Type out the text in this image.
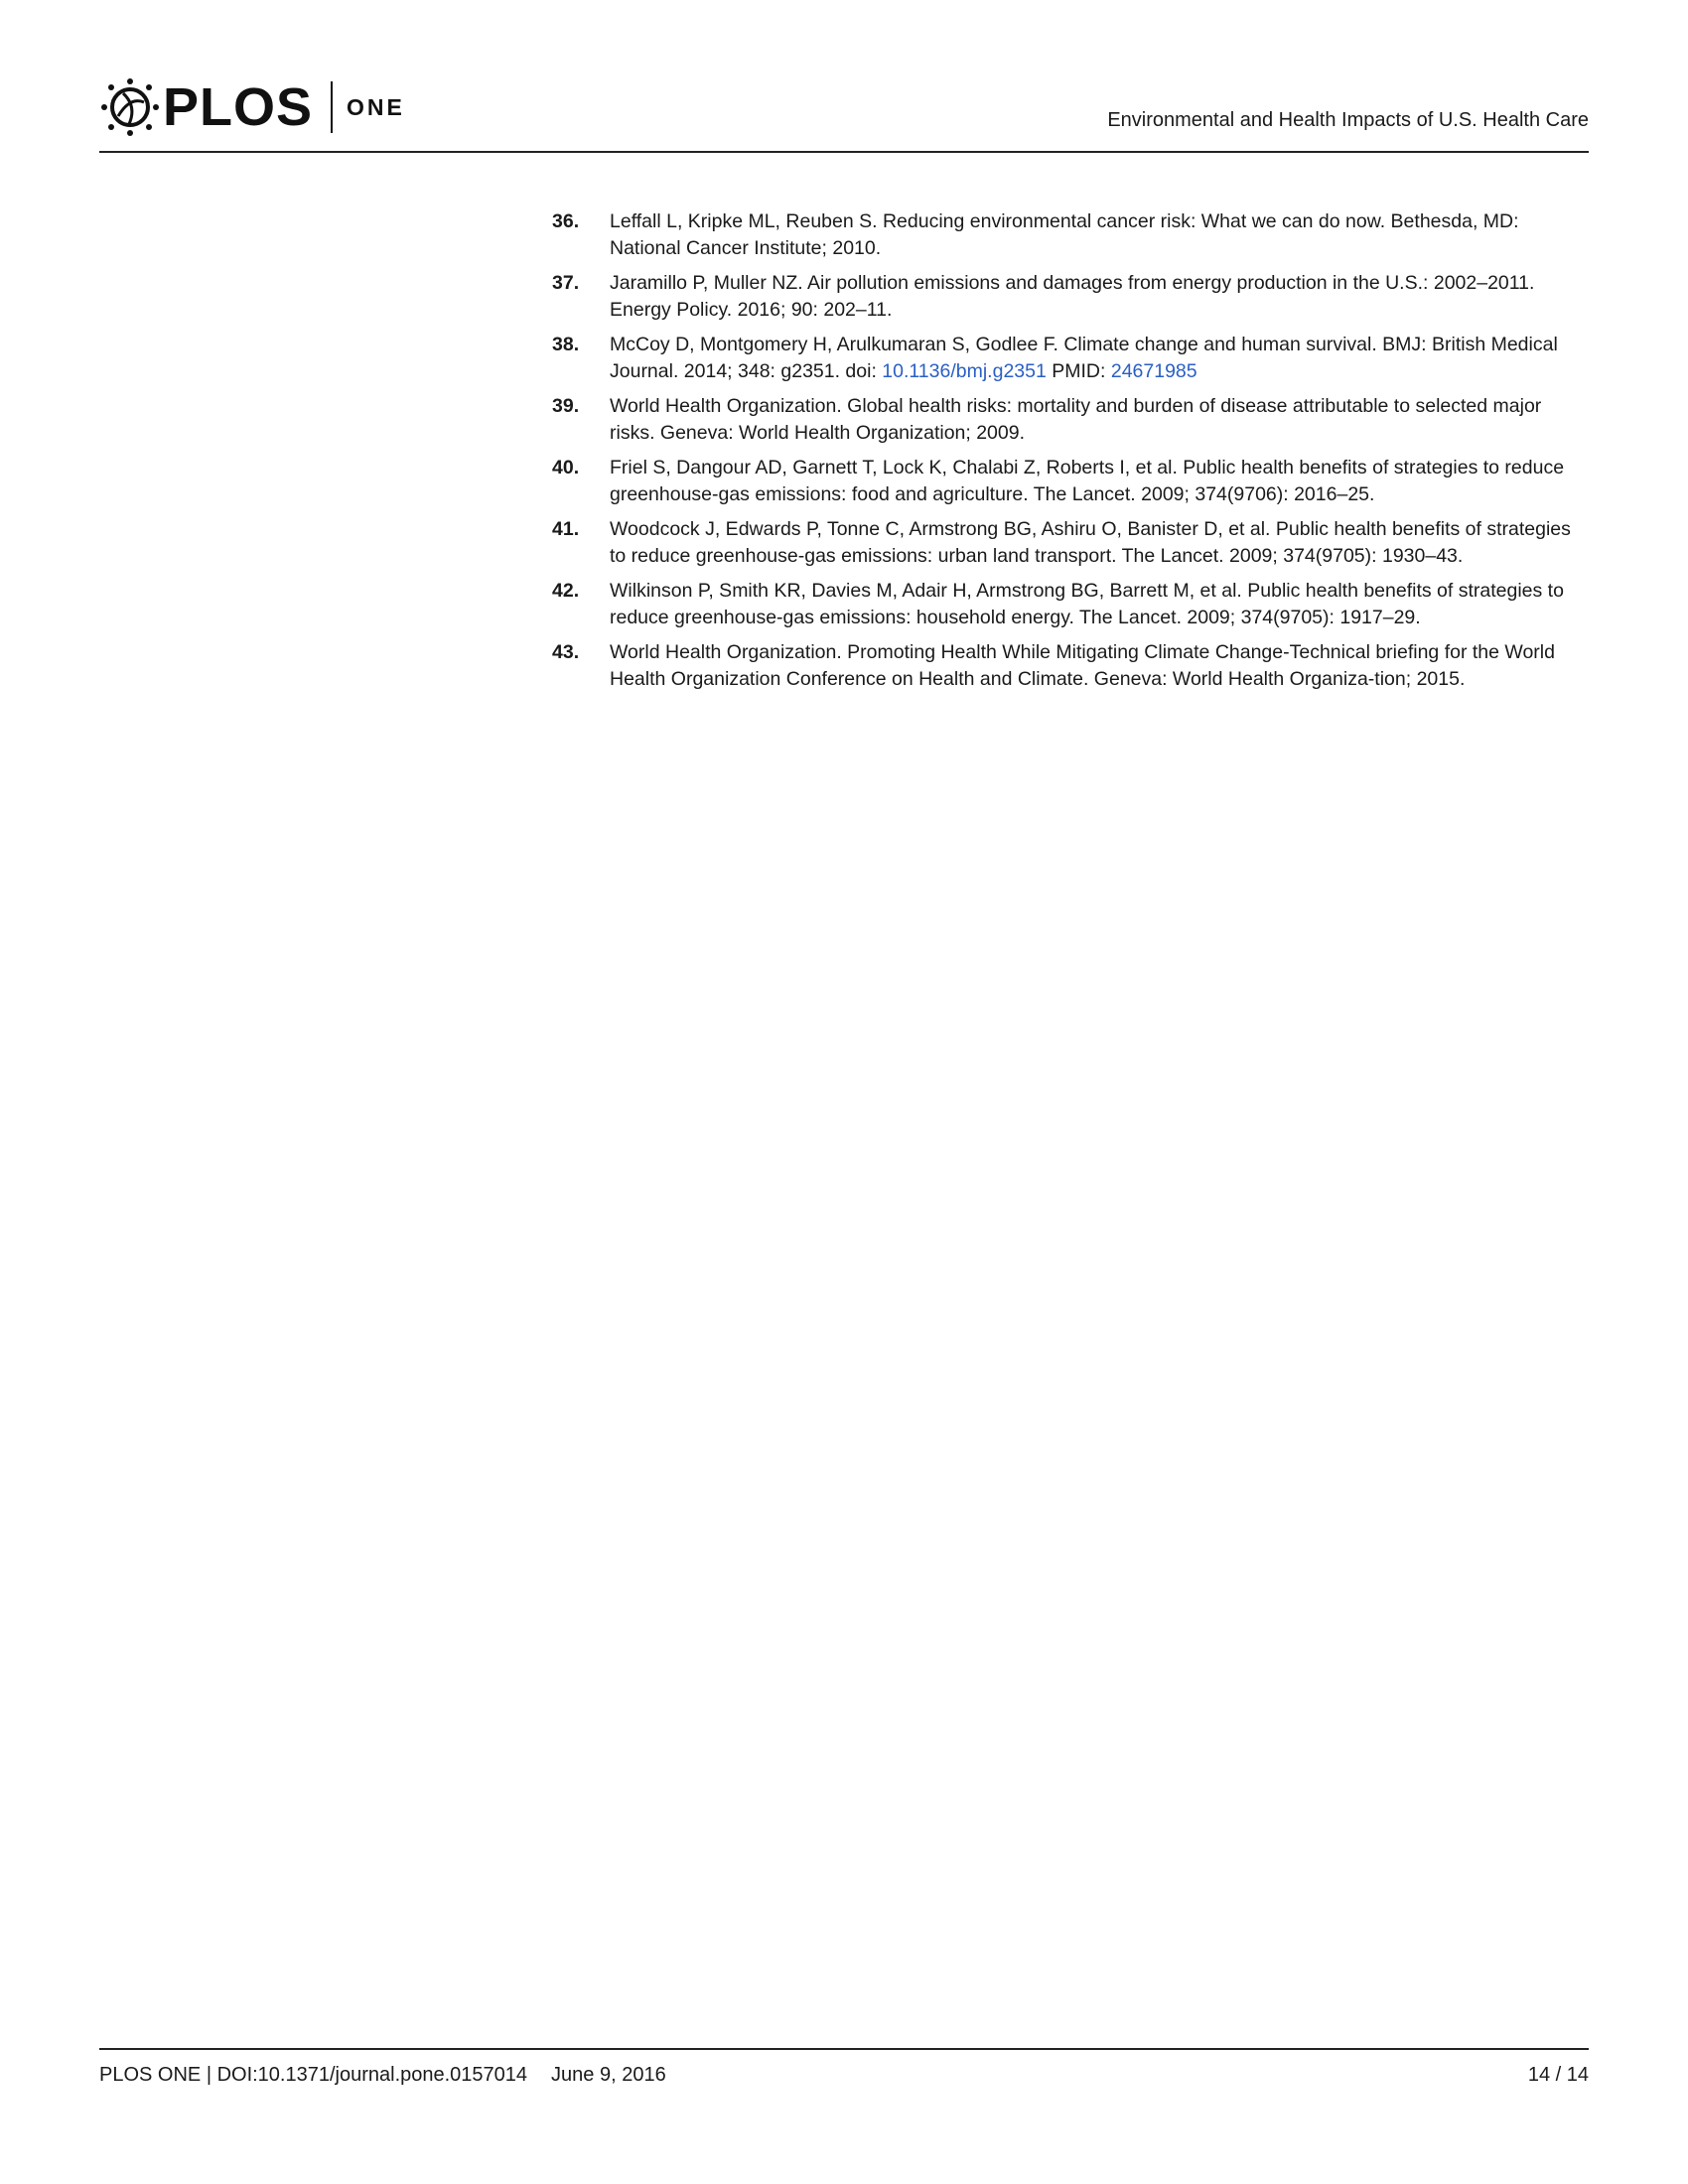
PLOS ONE
Environmental and Health Impacts of U.S. Health Care
36.	Leffall L, Kripke ML, Reuben S. Reducing environmental cancer risk: What we can do now. Bethesda, MD: National Cancer Institute; 2010.
37.	Jaramillo P, Muller NZ. Air pollution emissions and damages from energy production in the U.S.: 2002–2011. Energy Policy. 2016; 90: 202–11.
38.	McCoy D, Montgomery H, Arulkumaran S, Godlee F. Climate change and human survival. BMJ: British Medical Journal. 2014; 348: g2351. doi: 10.1136/bmj.g2351 PMID: 24671985
39.	World Health Organization. Global health risks: mortality and burden of disease attributable to selected major risks. Geneva: World Health Organization; 2009.
40.	Friel S, Dangour AD, Garnett T, Lock K, Chalabi Z, Roberts I, et al. Public health benefits of strategies to reduce greenhouse-gas emissions: food and agriculture. The Lancet. 2009; 374(9706): 2016–25.
41.	Woodcock J, Edwards P, Tonne C, Armstrong BG, Ashiru O, Banister D, et al. Public health benefits of strategies to reduce greenhouse-gas emissions: urban land transport. The Lancet. 2009; 374(9705): 1930–43.
42.	Wilkinson P, Smith KR, Davies M, Adair H, Armstrong BG, Barrett M, et al. Public health benefits of strategies to reduce greenhouse-gas emissions: household energy. The Lancet. 2009; 374(9705): 1917–29.
43.	World Health Organization. Promoting Health While Mitigating Climate Change-Technical briefing for the World Health Organization Conference on Health and Climate. Geneva: World Health Organiza-tion; 2015.
PLOS ONE | DOI:10.1371/journal.pone.0157014 June 9, 2016	14 / 14
